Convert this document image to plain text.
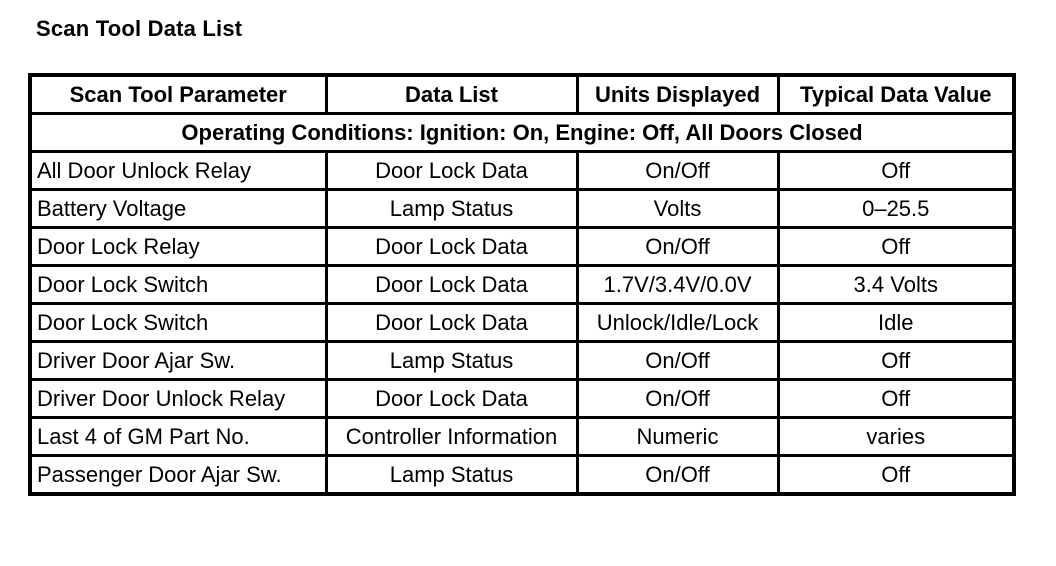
Scan Tool Data List
Scan Tool Parameter	Data List	Units Displayed	Typical Data Value
Operating Conditions: Ignition: On, Engine: Off, All Doors Closed			
All Door Unlock Relay	Door Lock Data	On/Off	Off
Battery Voltage	Lamp Status	Volts	0–25.5
Door Lock Relay	Door Lock Data	On/Off	Off
Door Lock Switch	Door Lock Data	1.7V/3.4V/0.0V	3.4 Volts
Door Lock Switch	Door Lock Data	Unlock/Idle/Lock	Idle
Driver Door Ajar Sw.	Lamp Status	On/Off	Off
Driver Door Unlock Relay	Door Lock Data	On/Off	Off
Last 4 of GM Part No.	Controller Information	Numeric	varies
Passenger Door Ajar Sw.	Lamp Status	On/Off	Off
